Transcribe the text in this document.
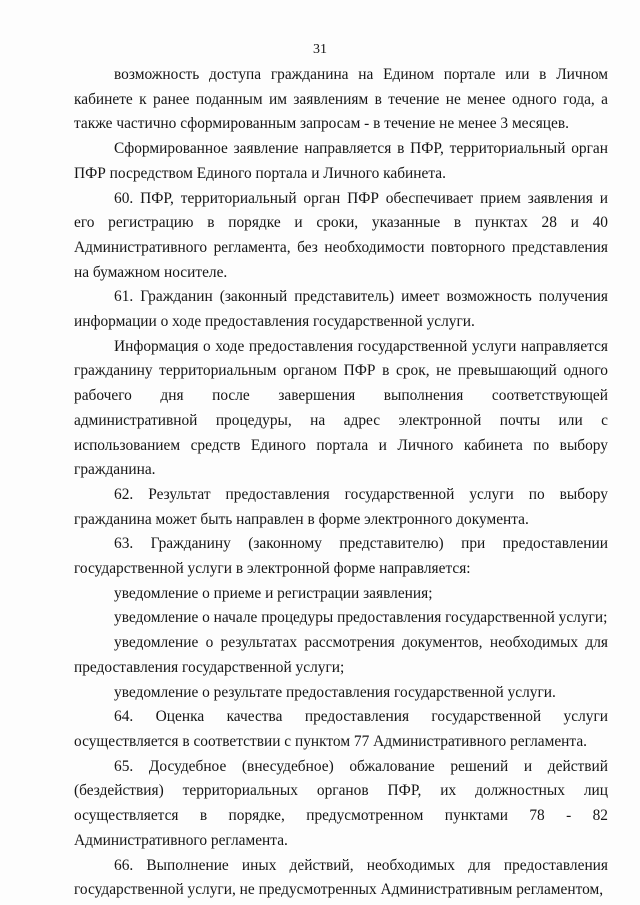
31

возможность доступа гражданина на Едином портале или в Личном кабинете к ранее поданным им заявлениям в течение не менее одного года, а также частично сформированным запросам - в течение не менее 3 месяцев.

Сформированное заявление направляется в ПФР, территориальный орган ПФР посредством Единого портала и Личного кабинета.

60. ПФР, территориальный орган ПФР обеспечивает прием заявления и его регистрацию в порядке и сроки, указанные в пунктах 28 и 40 Административного регламента, без необходимости повторного представления на бумажном носителе.

61. Гражданин (законный представитель) имеет возможность получения информации о ходе предоставления государственной услуги.

Информация о ходе предоставления государственной услуги направляется гражданину территориальным органом ПФР в срок, не превышающий одного рабочего дня после завершения выполнения соответствующей административной процедуры, на адрес электронной почты или с использованием средств Единого портала и Личного кабинета по выбору гражданина.

62. Результат предоставления государственной услуги по выбору гражданина может быть направлен в форме электронного документа.

63. Гражданину (законному представителю) при предоставлении государственной услуги в электронной форме направляется:

уведомление о приеме и регистрации заявления;

уведомление о начале процедуры предоставления государственной услуги;

уведомление о результатах рассмотрения документов, необходимых для предоставления государственной услуги;

уведомление о результате предоставления государственной услуги.

64. Оценка качества предоставления государственной услуги осуществляется в соответствии с пунктом 77 Административного регламента.

65. Досудебное (внесудебное) обжалование решений и действий (бездействия) территориальных органов ПФР, их должностных лиц осуществляется в порядке, предусмотренном пунктами 78 - 82 Административного регламента.

66. Выполнение иных действий, необходимых для предоставления государственной услуги, не предусмотренных Административным регламентом,
